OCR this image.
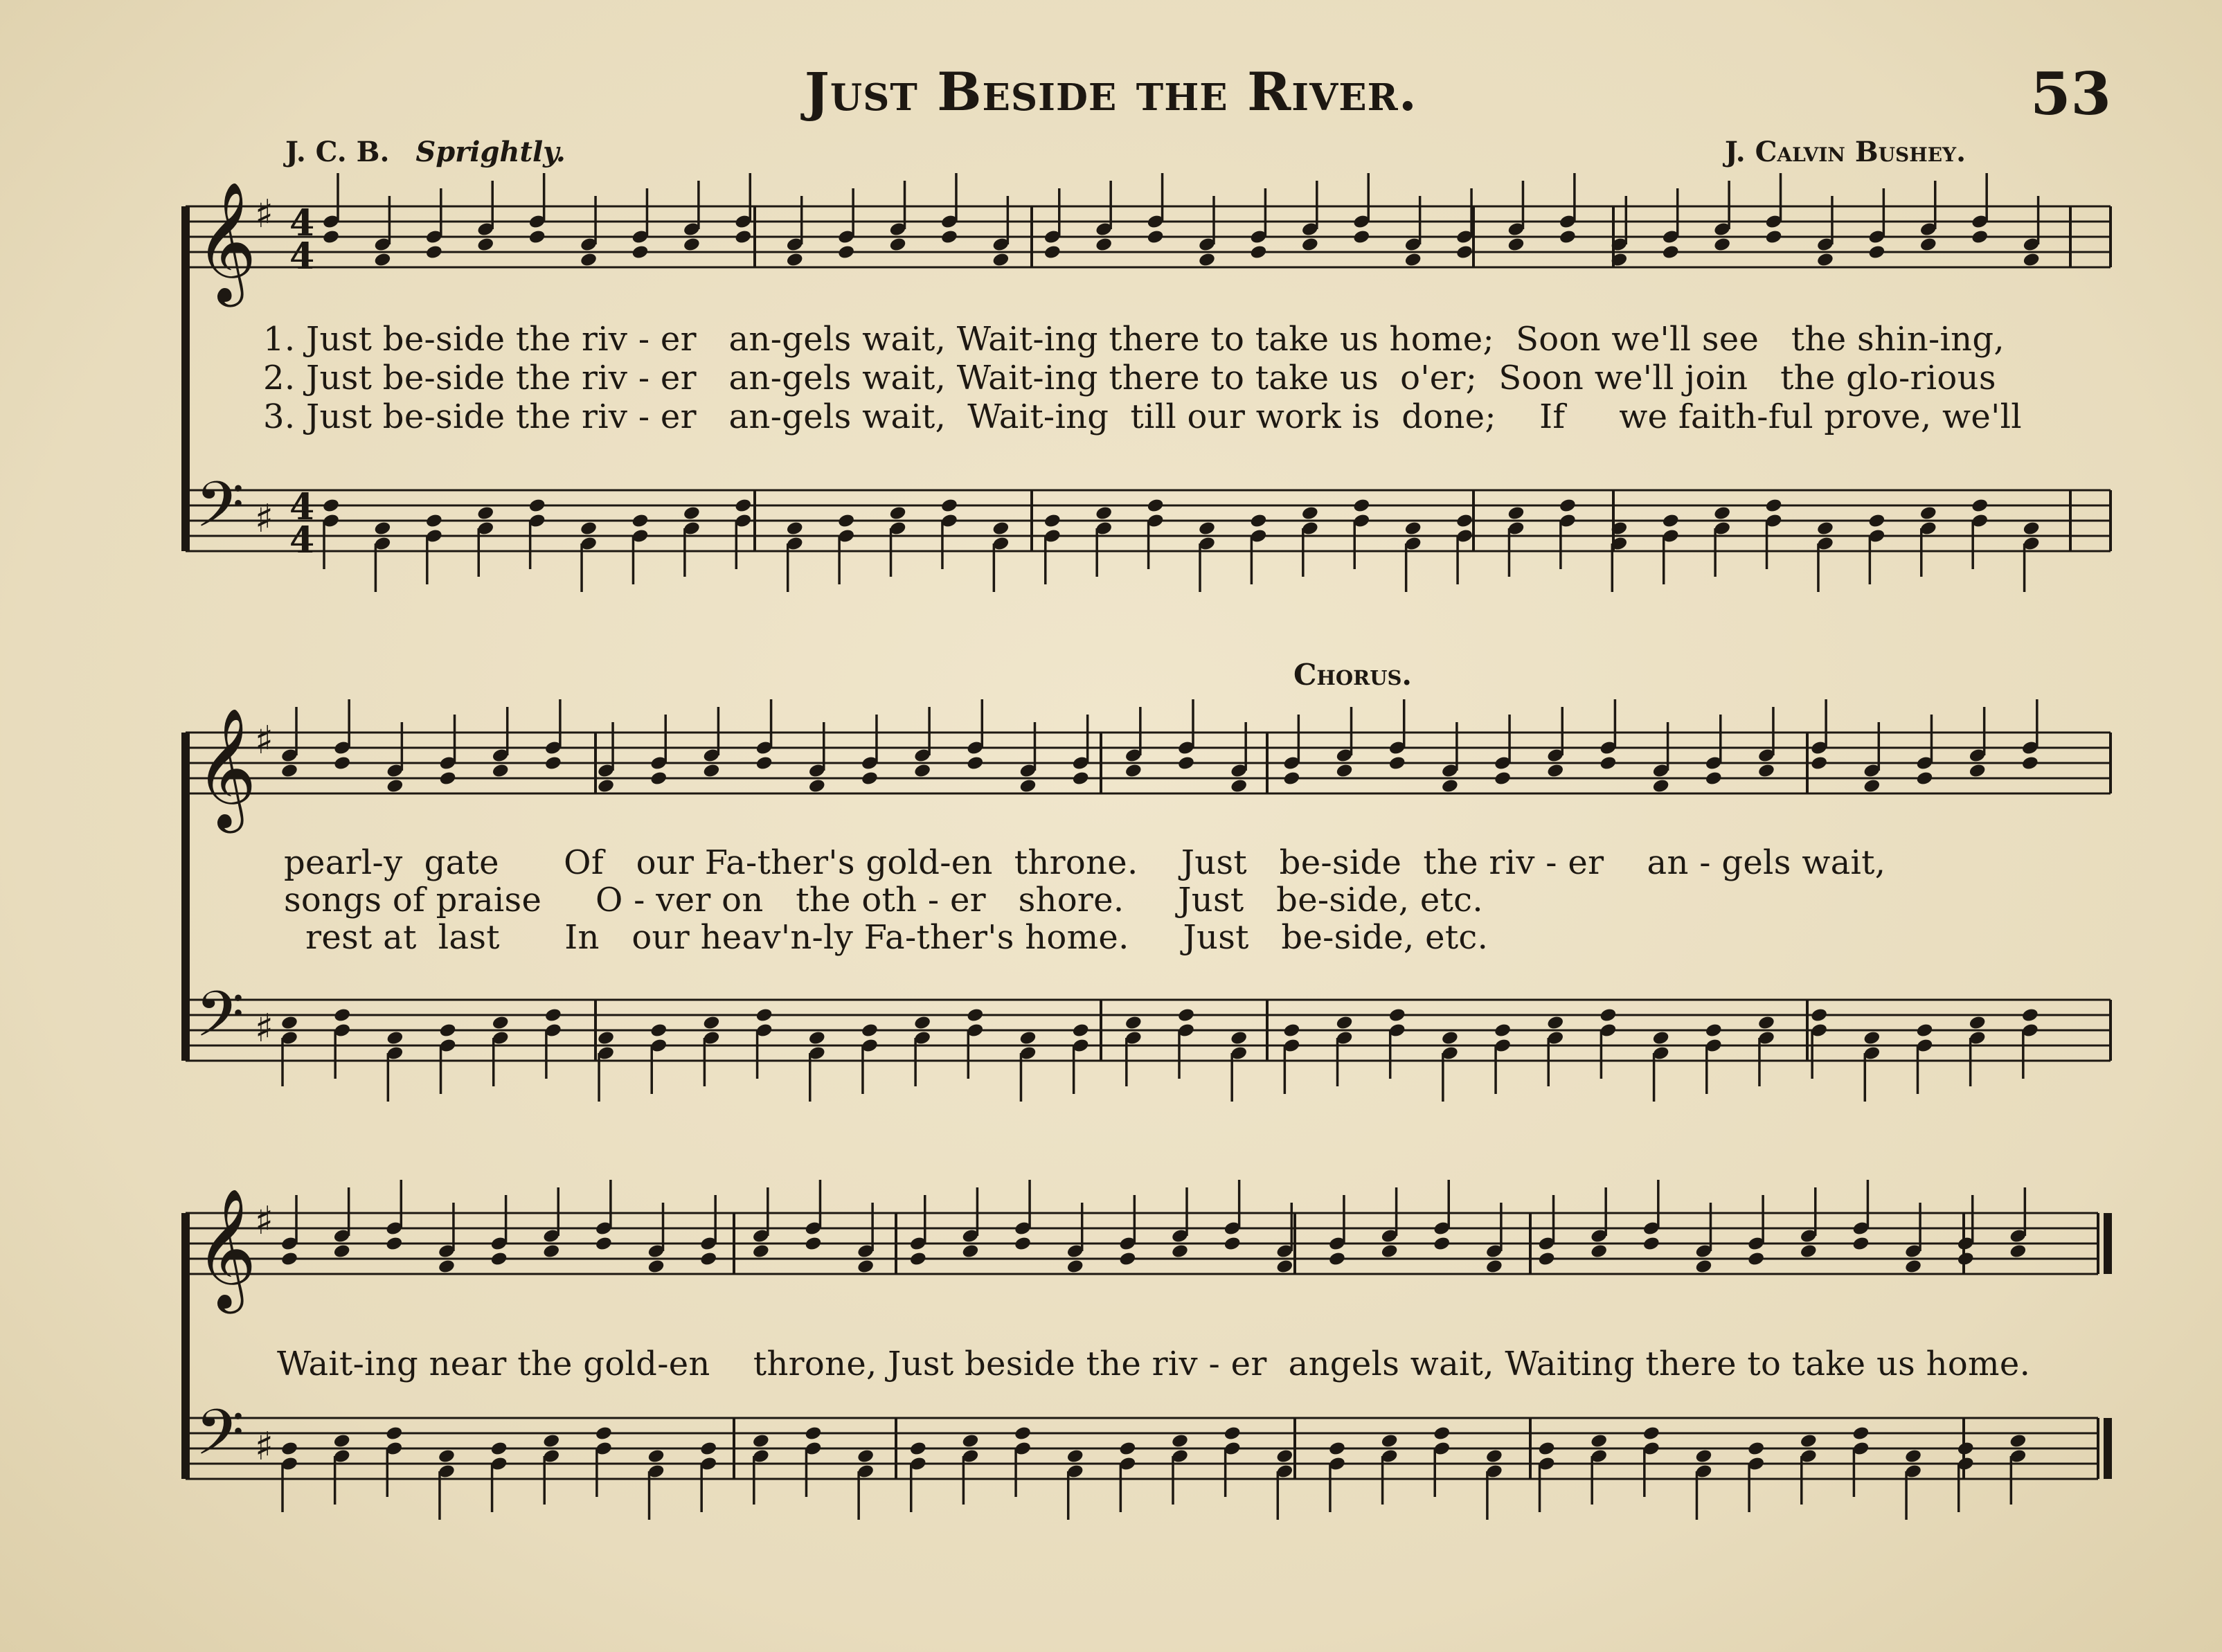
Just Beside the River.	53
J. C. B. Sprightly.	J. Calvin Bushey.
Chorus.
𝄞
♯ 4
4
𝄢 ♯ 4
4
𝄞
♯
𝄢 ♯
𝄞
♯
𝄢 ♯
1. Just be-side the riv - er   an-gels wait, Wait-ing there to take us home;  Soon we'll see   the shin-ing,
2. Just be-side the riv - er   an-gels wait, Wait-ing there to take us  o'er;  Soon we'll join   the glo-rious
3. Just be-side the riv - er   an-gels wait,  Wait-ing  till our work is  done;    If     we faith-ful prove, we'll
pearl-y  gate      Of   our Fa-ther's gold-en  throne.    Just   be-side  the riv - er    an - gels wait,
songs of praise     O - ver on   the oth - er   shore.     Just   be-side, etc.
rest at  last      In   our heav'n-ly Fa-ther's home.     Just   be-side, etc.
Wait-ing near the gold-en    throne, Just beside the riv - er  angels wait, Waiting there to take us home.
